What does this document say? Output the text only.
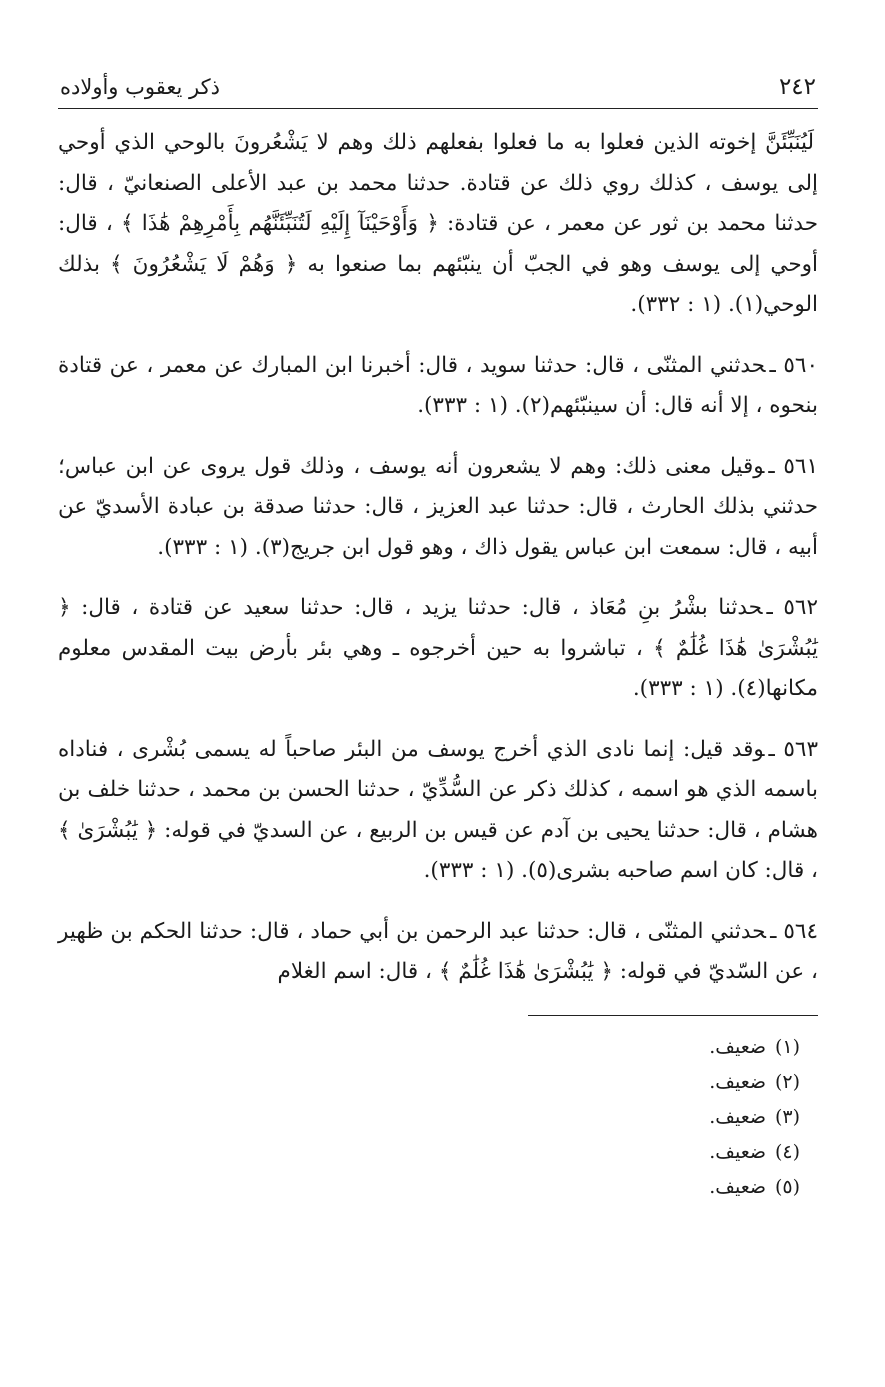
٢٤٢
ذكر يعقوب وأولاده

لَيُنَبِّئَنَّ إخوته الذين فعلوا به ما فعلوا بفعلهم ذلك وهم لا يَشْعُرونَ بالوحي الذي أوحي إلى يوسف ، كذلك روي ذلك عن قتادة. حدثنا محمد بن عبد الأعلى الصنعانيّ ، قال: حدثنا محمد بن ثور عن معمر ، عن قتادة: ﴿ وَأَوْحَيْنَآ إِلَيْهِ لَتُنَبِّئَنَّهُم بِأَمْرِهِمْ هَٰذَا ﴾ ، قال: أوحي إلى يوسف وهو في الجبّ أن ينبّئهم بما صنعوا به ﴿ وَهُمْ لَا يَشْعُرُونَ ﴾ بذلك الوحي(١). (١ : ٣٣٢).

٥٦٠ ـحدثني المثنّى ، قال: حدثنا سويد ، قال: أخبرنا ابن المبارك عن معمر ، عن قتادة بنحوه ، إلا أنه قال: أن سينبّئهم(٢). (١ : ٣٣٣).

٥٦١ ـوقيل معنى ذلك: وهم لا يشعرون أنه يوسف ، وذلك قول يروى عن ابن عباس؛ حدثني بذلك الحارث ، قال: حدثنا عبد العزيز ، قال: حدثنا صدقة بن عبادة الأسديّ عن أبيه ، قال: سمعت ابن عباس يقول ذاك ، وهو قول ابن جريج(٣). (١ : ٣٣٣).

٥٦٢ ـحدثنا بشْرُ بنِ مُعَاذ ، قال: حدثنا يزيد ، قال: حدثنا سعيد عن قتادة ، قال: ﴿ يَٰبُشْرَىٰ هَٰذَا غُلَٰمٌ ﴾ ، تباشروا به حين أخرجوه ـ وهي بئر بأرض بيت المقدس معلوم مكانها(٤). (١ : ٣٣٣).

٥٦٣ ـوقد قيل: إنما نادى الذي أخرج يوسف من البئر صاحباً له يسمى بُشْرى ، فناداه باسمه الذي هو اسمه ، كذلك ذكر عن السُّدِّيّ ، حدثنا الحسن بن محمد ، حدثنا خلف بن هشام ، قال: حدثنا يحيى بن آدم عن قيس بن الربيع ، عن السديّ في قوله: ﴿ يَٰبُشْرَىٰ ﴾ ، قال: كان اسم صاحبه بشرى(٥). (١ : ٣٣٣).

٥٦٤ ـحدثني المثنّى ، قال: حدثنا عبد الرحمن بن أبي حماد ، قال: حدثنا الحكم بن ظهير ، عن السّديّ في قوله: ﴿ يَٰبُشْرَىٰ هَٰذَا غُلَٰمٌ ﴾ ، قال: اسم الغلام

(١)ضعيف.
(٢)ضعيف.
(٣)ضعيف.
(٤)ضعيف.
(٥)ضعيف.
